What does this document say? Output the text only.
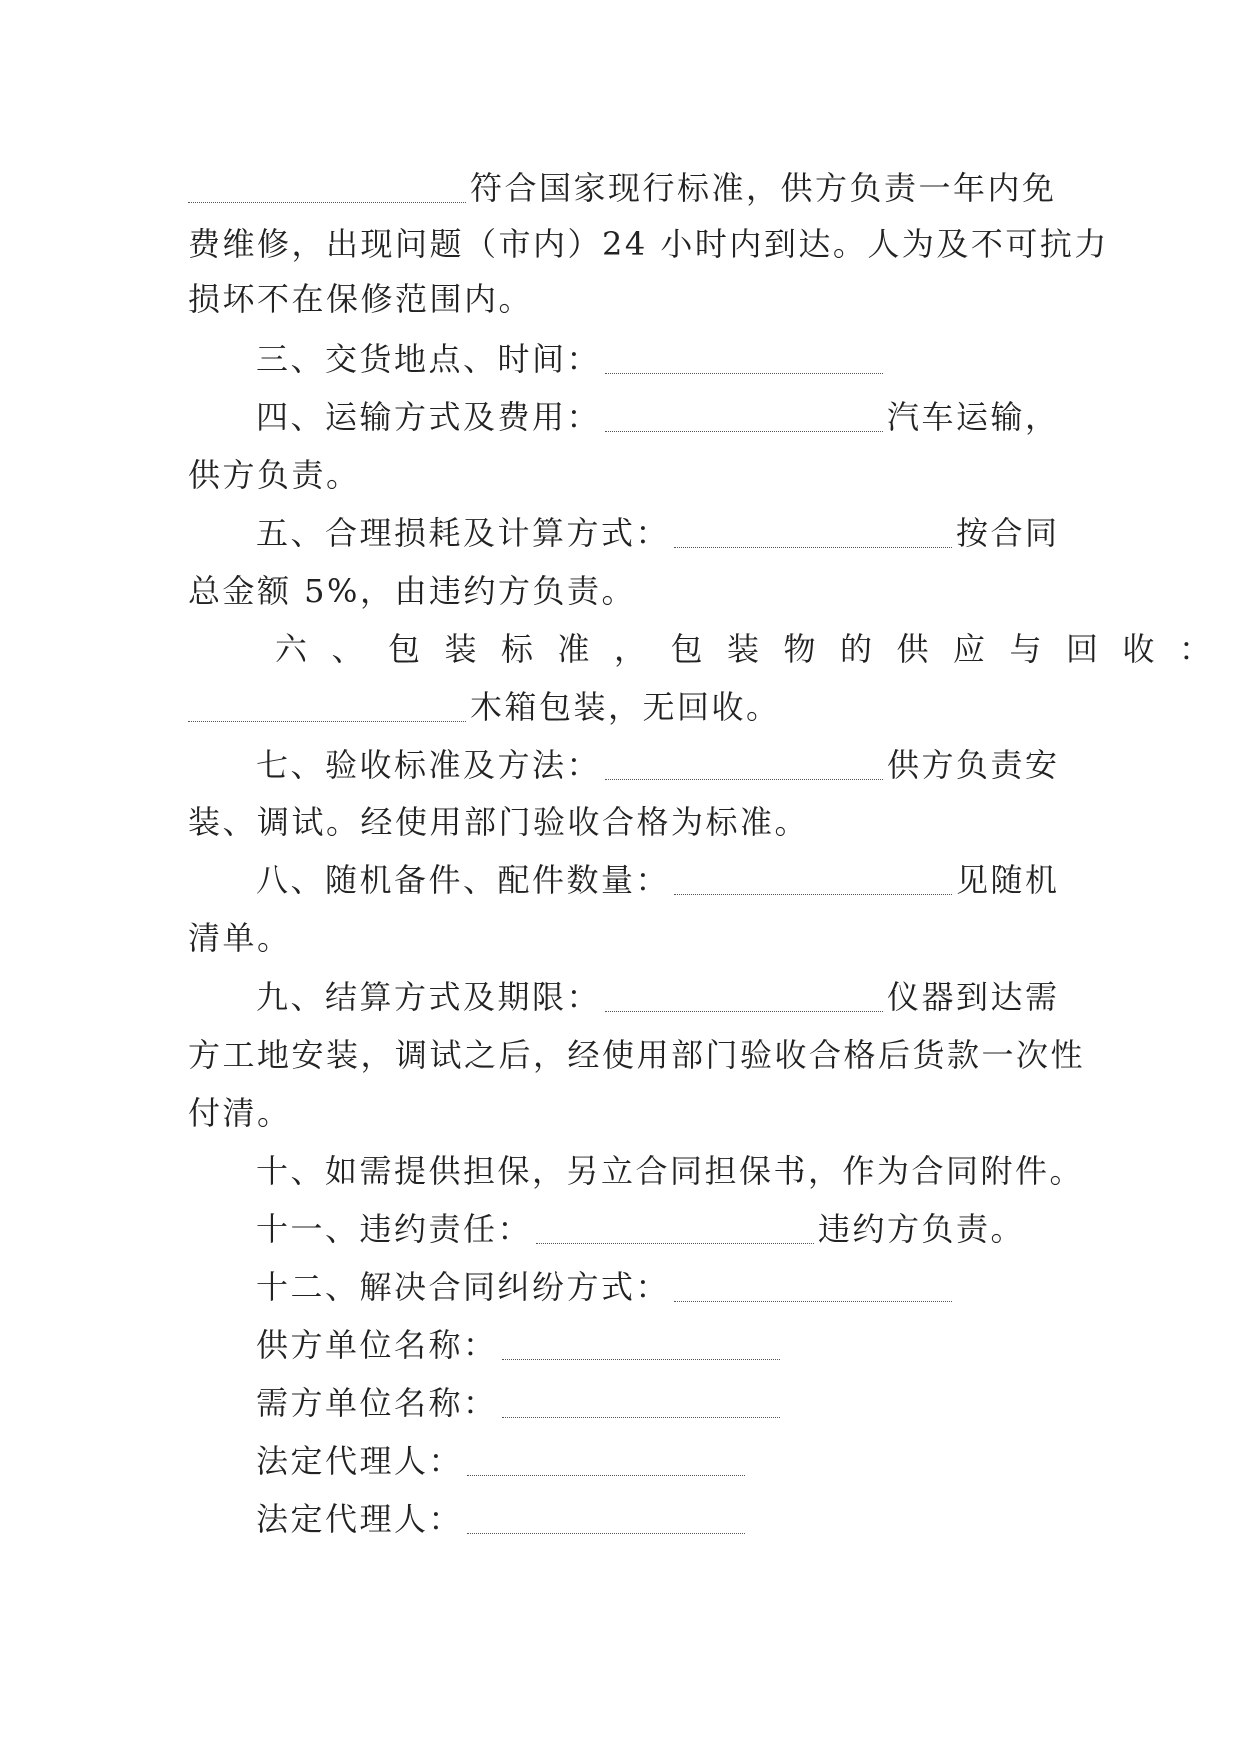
符合国家现行标准，供方负责一年内免
费维修，出现问题（市内）24 小时内到达。人为及不可抗力
损坏不在保修范围内。
三、交货地点、时间：
四、运输方式及费用：	汽车运输，
供方负责。
五、合理损耗及计算方式：	按合同
总金额 5%，由违约方负责。
六、包装标准，包装物的供应与回收：
木箱包装，无回收。
七、验收标准及方法：	供方负责安
装、调试。经使用部门验收合格为标准。
八、随机备件、配件数量：	见随机
清单。
九、结算方式及期限：	仪器到达需
方工地安装，调试之后，经使用部门验收合格后货款一次性
付清。
十、如需提供担保，另立合同担保书，作为合同附件。
十一、违约责任：	违约方负责。
十二、解决合同纠纷方式：
供方单位名称：
需方单位名称：
法定代理人：
法定代理人：
